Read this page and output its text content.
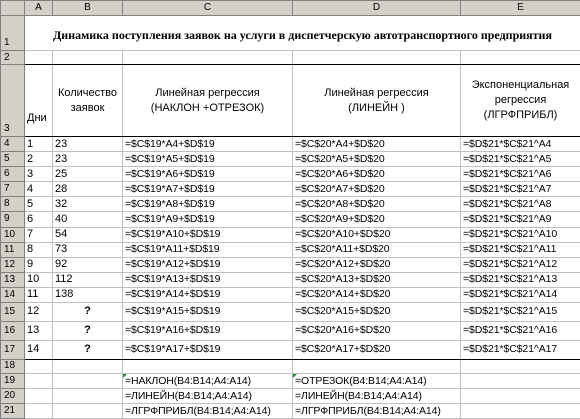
	A	B	C	D	E
1	Динамика поступления заявок на услуги в диспетчерскую автотранспортного предприятия				
2					
3	Дни	Количество заявок	Линейная регрессия (НАКЛОН +ОТРЕЗОК)	Линейная регрессия (ЛИНЕЙН )	Экспоненциальная регрессия (ЛГРФПРИБЛ)
4	1	23	=$C$19*A4+$D$19	=$C$20*A4+$D$20	=$D$21*$C$21^A4
5	2	23	=$C$19*A5+$D$19	=$C$20*A5+$D$20	=$D$21*$C$21^A5
6	3	25	=$C$19*A6+$D$19	=$C$20*A6+$D$20	=$D$21*$C$21^A6
7	4	28	=$C$19*A7+$D$19	=$C$20*A7+$D$20	=$D$21*$C$21^A7
8	5	32	=$C$19*A8+$D$19	=$C$20*A8+$D$20	=$D$21*$C$21^A8
9	6	40	=$C$19*A9+$D$19	=$C$20*A9+$D$20	=$D$21*$C$21^A9
10	7	54	=$C$19*A10+$D$19	=$C$20*A10+$D$20	=$D$21*$C$21^A10
11	8	73	=$C$19*A11+$D$19	=$C$20*A11+$D$20	=$D$21*$C$21^A11
12	9	92	=$C$19*A12+$D$19	=$C$20*A12+$D$20	=$D$21*$C$21^A12
13	10	112	=$C$19*A13+$D$19	=$C$20*A13+$D$20	=$D$21*$C$21^A13
14	11	138	=$C$19*A14+$D$19	=$C$20*A14+$D$20	=$D$21*$C$21^A14
15	12	?	=$C$19*A15+$D$19	=$C$20*A15+$D$20	=$D$21*$C$21^A15
16	13	?	=$C$19*A16+$D$19	=$C$20*A16+$D$20	=$D$21*$C$21^A16
17	14	?	=$C$19*A17+$D$19	=$C$20*A17+$D$20	=$D$21*$C$21^A17
18					
19			=НАКЛОН(B4:B14;A4:A14)	=ОТРЕЗОК(B4:B14;A4:A14)	
20			=ЛИНЕЙН(B4:B14;A4:A14)	=ЛИНЕЙН(B4:B14;A4:A14)	
21			=ЛГРФПРИБЛ(B4:B14;A4:A14)	=ЛГРФПРИБЛ(B4:B14;A4:A14)	
